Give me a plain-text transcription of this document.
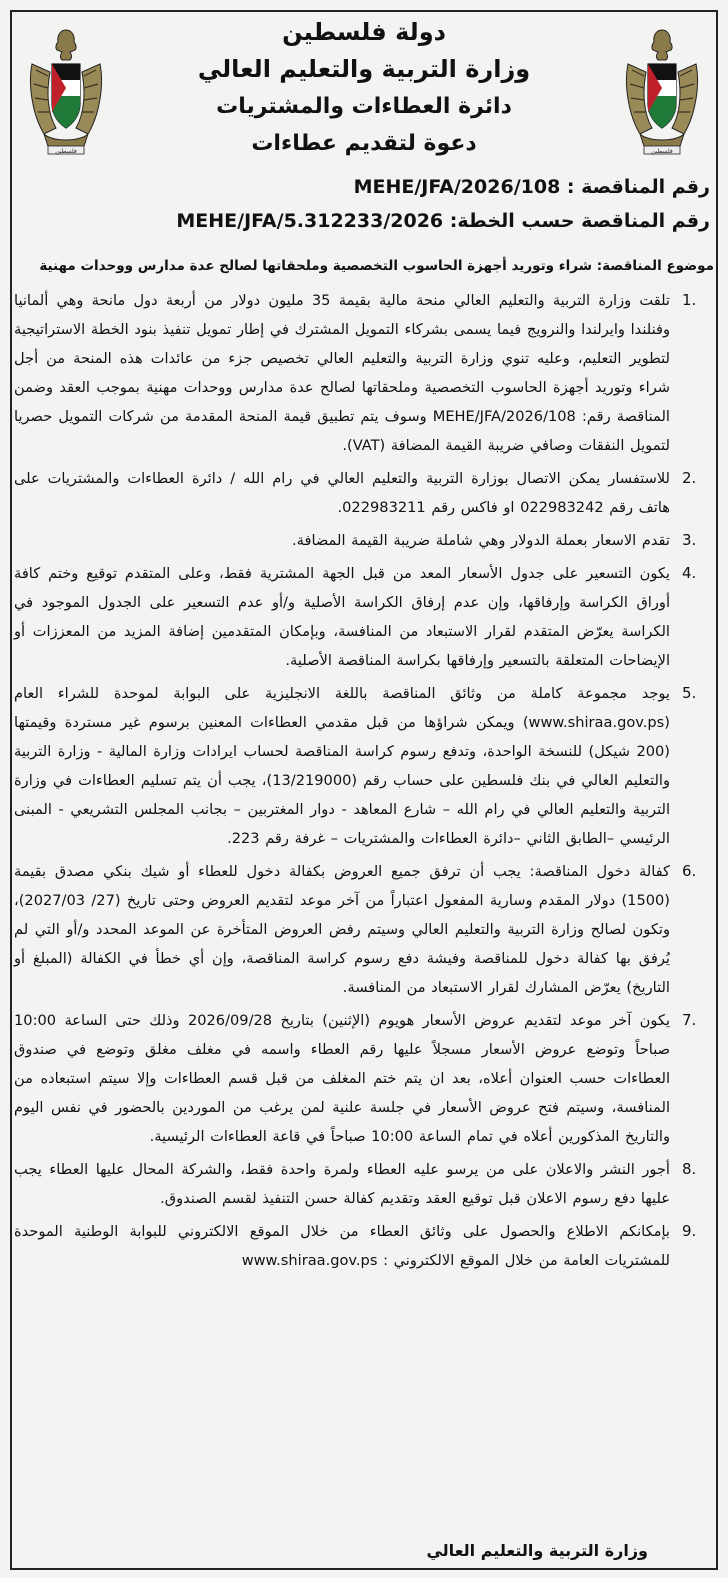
فلسطين	فلسطين
دولة فلسطين
وزارة التربية والتعليم العالي
دائرة العطاءات والمشتريات
دعوة لتقديم عطاءات
رقم المناقصة : MEHE/JFA/2026/108
رقم المناقصة حسب الخطة: MEHE/JFA/5.312233/2026
موضوع المناقصة: شراء وتوريد أجهزة الحاسوب التخصصية وملحقاتها لصالح عدة مدارس ووحدات مهنية
.1
تلقت وزارة التربية والتعليم العالي منحة مالية بقيمة 35 مليون دولار من أربعة دول مانحة وهي ألمانيا وفنلندا وايرلندا والنرويج فيما يسمى بشركاء التمويل المشترك في إطار تمويل تنفيذ بنود الخطة الاستراتيجية لتطوير التعليم، وعليه تنوي وزارة التربية والتعليم العالي تخصيص جزء من عائدات هذه المنحة من أجل شراء وتوريد أجهزة الحاسوب التخصصية وملحقاتها لصالح عدة مدارس ووحدات مهنية بموجب العقد وضمن المناقصة رقم: MEHE/JFA/2026/108 وسوف يتم تطبيق قيمة المنحة المقدمة من شركات التمويل حصريا لتمويل النفقات وصافي ضريبة القيمة المضافة (VAT).
.2
للاستفسار يمكن الاتصال بوزارة التربية والتعليم العالي في رام الله / دائرة العطاءات والمشتريات على هاتف رقم 022983242 او فاكس رقم 022983211.
.3
تقدم الاسعار بعملة الدولار وهي شاملة ضريبة القيمة المضافة.
.4
يكون التسعير على جدول الأسعار المعد من قبل الجهة المشترية فقط، وعلى المتقدم توقيع وختم كافة أوراق الكراسة وإرفاقها، وإن عدم إرفاق الكراسة الأصلية و/أو عدم التسعير على الجدول الموجود في الكراسة يعرّض المتقدم لقرار الاستبعاد من المنافسة، وبإمكان المتقدمين إضافة المزيد من المعززات أو الإيضاحات المتعلقة بالتسعير وإرفاقها بكراسة المناقصة الأصلية.
.5
يوجد مجموعة كاملة من وثائق المناقصة باللغة الانجليزية على البوابة لموحدة للشراء العام (www.shiraa.gov.ps) ويمكن شراؤها من قبل مقدمي العطاءات المعنين برسوم غير مستردة وقيمتها (200 شيكل) للنسخة الواحدة، وتدفع رسوم كراسة المناقصة لحساب ايرادات وزارة المالية - وزارة التربية والتعليم العالي في بنك فلسطين على حساب رقم (13/219000)، يجب أن يتم تسليم العطاءات في وزارة التربية والتعليم العالي في رام الله – شارع المعاهد - دوار المغتربين – بجانب المجلس التشريعي - المبنى الرئيسي –الطابق الثاني –دائرة العطاءات والمشتريات – غرفة رقم 223.
.6
كفالة دخول المناقصة: يجب أن ترفق جميع العروض بكفالة دخول للعطاء أو شيك بنكي مصدق بقيمة (1500) دولار المقدم وسارية المفعول اعتباراً من آخر موعد لتقديم العروض وحتى تاريخ (27/ 2027/03)، وتكون لصالح وزارة التربية والتعليم العالي وسيتم رفض العروض المتأخرة عن الموعد المحدد و/أو التي لم يُرفق بها كفالة دخول للمناقصة وفيشة دفع رسوم كراسة المناقصة، وإن أي خطأ في الكفالة (المبلغ أو التاريخ) يعرّض المشارك لقرار الاستبعاد من المنافسة.
.7
يكون آخر موعد لتقديم عروض الأسعار هويوم (الإثنين) بتاريخ 2026/09/28 وذلك حتى الساعة 10:00 صباحاً وتوضع عروض الأسعار مسجلاً عليها رقم العطاء واسمه في مغلف مغلق وتوضع في صندوق العطاءات حسب العنوان أعلاه، بعد ان يتم ختم المغلف من قبل قسم العطاءات وإلا سيتم استبعاده من المنافسة، وسيتم فتح عروض الأسعار في جلسة علنية لمن يرغب من الموردين بالحضور في نفس اليوم والتاريخ المذكورين أعلاه في تمام الساعة 10:00 صباحاً في قاعة العطاءات الرئيسية.
.8
أجور النشر والاعلان على من يرسو عليه العطاء ولمرة واحدة فقط، والشركة المحال عليها العطاء يجب عليها دفع رسوم الاعلان قبل توقيع العقد وتقديم كفالة حسن التنفيذ لقسم الصندوق.
.9
بإمكانكم الاطلاع والحصول على وثائق العطاء من خلال الموقع الالكتروني للبوابة الوطنية الموحدة للمشتريات العامة من خلال الموقع الالكتروني : www.shiraa.gov.ps
وزارة التربية والتعليم العالي
